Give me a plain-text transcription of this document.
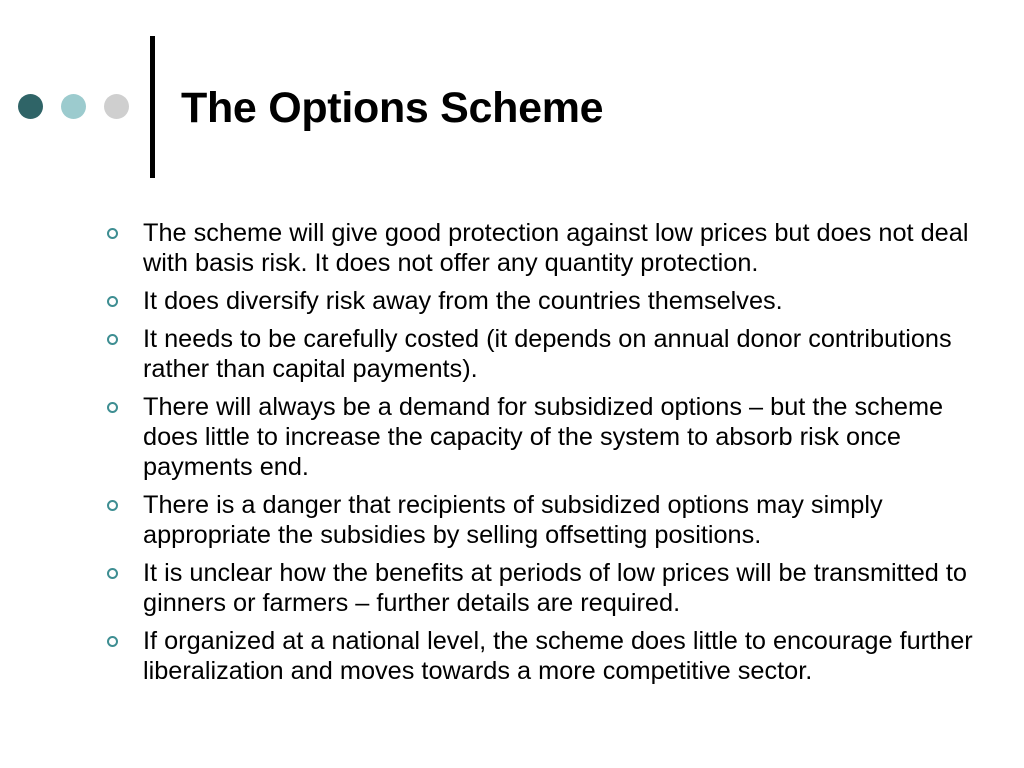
The Options Scheme
The scheme will give good protection against low prices but does not deal with basis risk. It does not offer any quantity protection.
It does diversify risk away from the countries themselves.
It needs to be carefully costed (it depends on annual donor contributions rather than capital payments).
There will always be a demand for subsidized options – but the scheme does little to increase the capacity of the system to absorb risk once payments end.
There is a danger that recipients of subsidized options may simply appropriate the subsidies by selling offsetting positions.
It is unclear how the benefits at periods of low prices will be transmitted to ginners or farmers – further details are required.
If organized at a national level, the scheme does little to encourage further liberalization and moves towards a more competitive sector.
